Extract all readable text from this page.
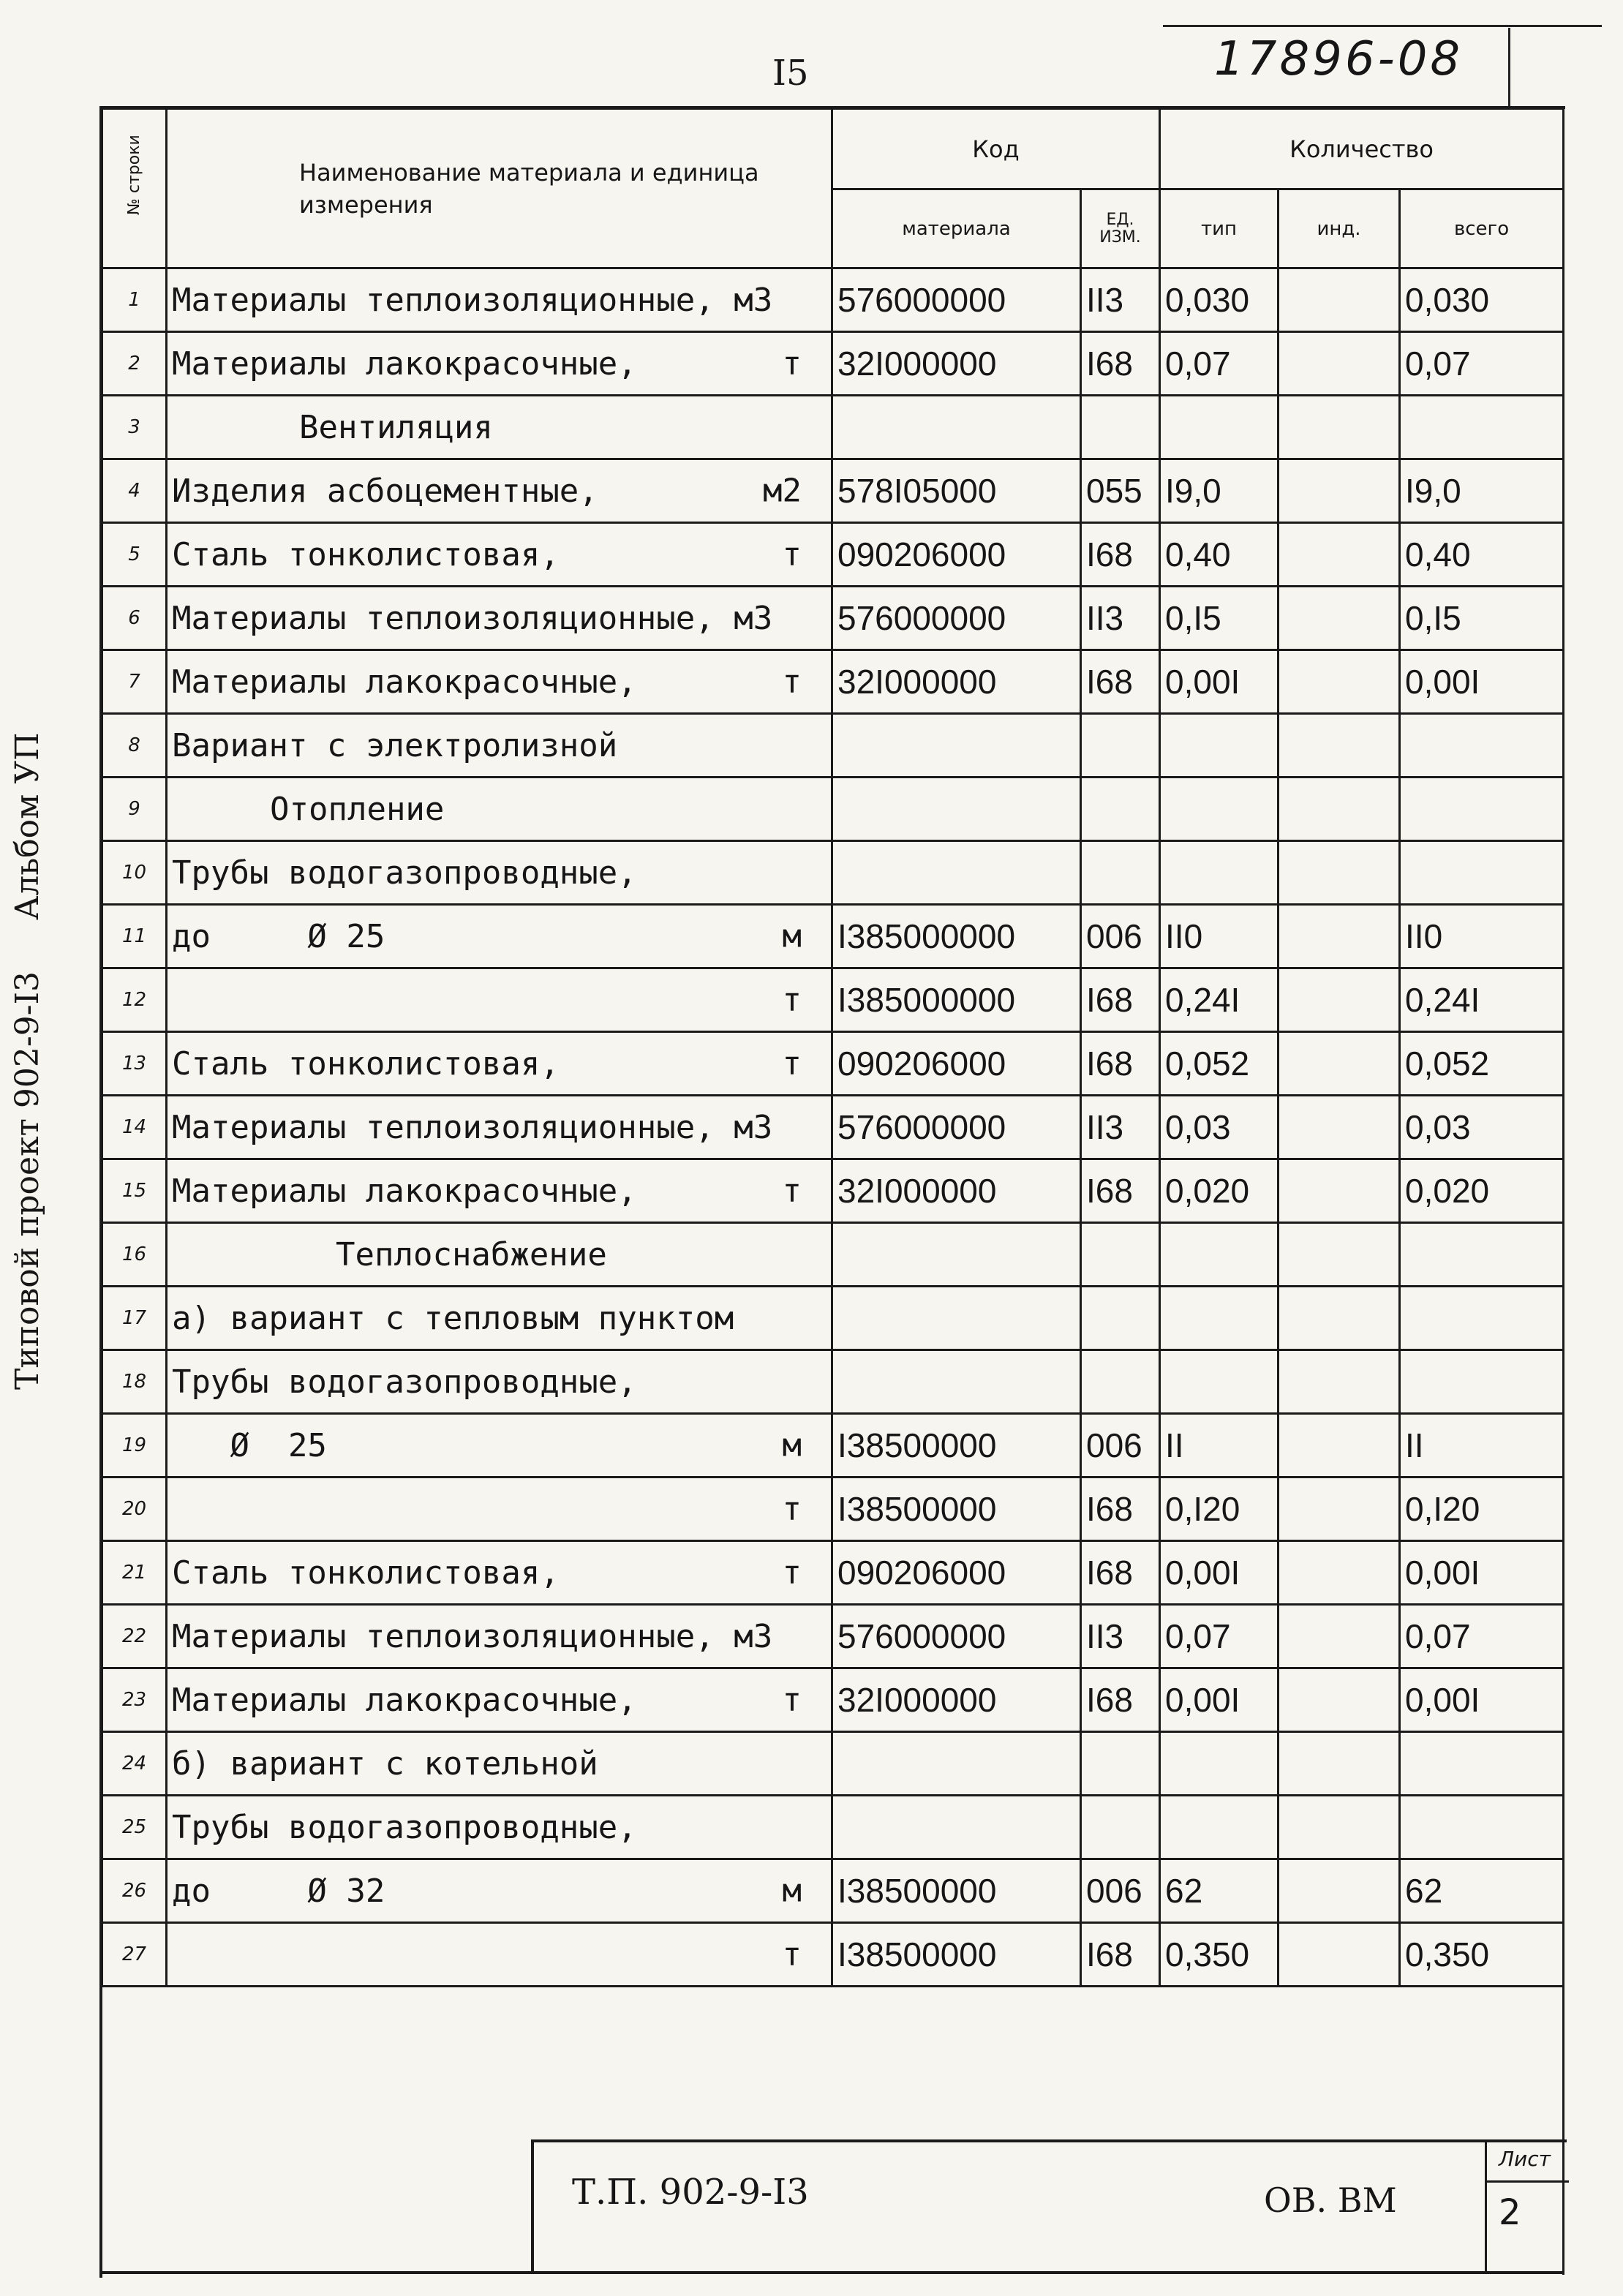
I5	17896-08
Типовой проект 902-9-I3     Альбом УП
№ строки	Наименование материала и единица измерения	Код		Количество		
		материала	ЕД. ИЗМ.	тип	инд.	всего
1	Материалы теплоизоляционные, м3	576000000	II3	0,030		0,030
2	Материалы лакокрасочные, т	32I000000	I68	0,07		0,07
3	Вентиляция

4	Изделия асбоцементные, м2	578I05000	055	I9,0		I9,0
5	Сталь тонколистовая, т	090206000	I68	0,40		0,40
6	Материалы теплоизоляционные, м3	576000000	II3	0,I5		0,I5
7	Материалы лакокрасочные, т	32I000000	I68	0,00I		0,00I
8	Вариант с электролизной

9	Отопление

10	Трубы водогазопроводные,

11	до     Ø 25 м	I385000000	006	II0		II0
12	т	I385000000	I68	0,24I		0,24I
13	Сталь тонколистовая, т	090206000	I68	0,052		0,052
14	Материалы теплоизоляционные, м3	576000000	II3	0,03		0,03
15	Материалы лакокрасочные, т	32I000000	I68	0,020		0,020
16	Теплоснабжение

17	а) вариант с тепловым пунктом

18	Трубы водогазопроводные,

19	Ø  25 м	I38500000	006	II		II
20	т	I38500000	I68	0,I20		0,I20
21	Сталь тонколистовая, т	090206000	I68	0,00I		0,00I
22	Материалы теплоизоляционные, м3	576000000	II3	0,07		0,07
23	Материалы лакокрасочные, т	32I000000	I68	0,00I		0,00I
24	б) вариант с котельной

25	Трубы водогазопроводные,

26	до     Ø 32 м	I38500000	006	62		62
27	т	I38500000	I68	0,350		0,350
Т.П. 902-9-I3	ОВ. ВМ
Лист
2
